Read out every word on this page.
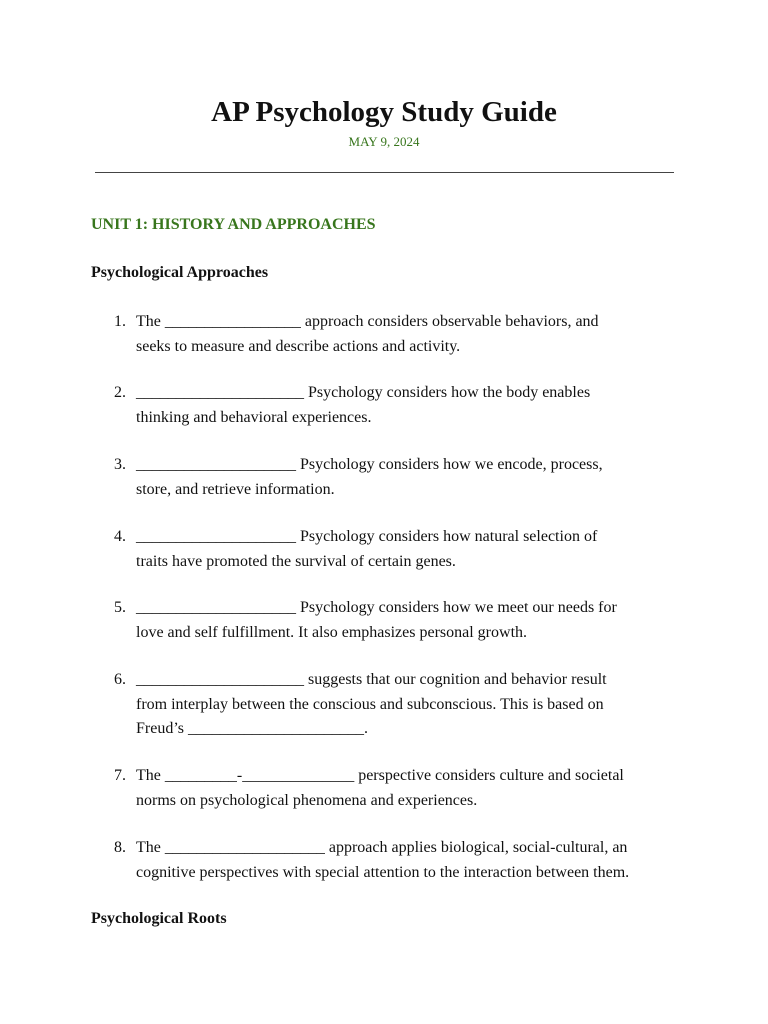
AP Psychology Study Guide
MAY 9, 2024
UNIT 1: HISTORY AND APPROACHES
Psychological Approaches
1. The _________________ approach considers observable behaviors, and
seeks to measure and describe actions and activity.
2. _____________________ Psychology considers how the body enables
thinking and behavioral experiences.
3. ____________________ Psychology considers how we encode, process,
store, and retrieve information.
4. ____________________ Psychology considers how natural selection of
traits have promoted the survival of certain genes.
5. ____________________ Psychology considers how we meet our needs for
love and self fulfillment. It also emphasizes personal growth.
6. _____________________ suggests that our cognition and behavior result
from interplay between the conscious and subconscious. This is based on
Freud’s ______________________.
7. The _________-______________ perspective considers culture and societal
norms on psychological phenomena and experiences.
8. The ____________________ approach applies biological, social-cultural, an
cognitive perspectives with special attention to the interaction between them.
Psychological Roots
